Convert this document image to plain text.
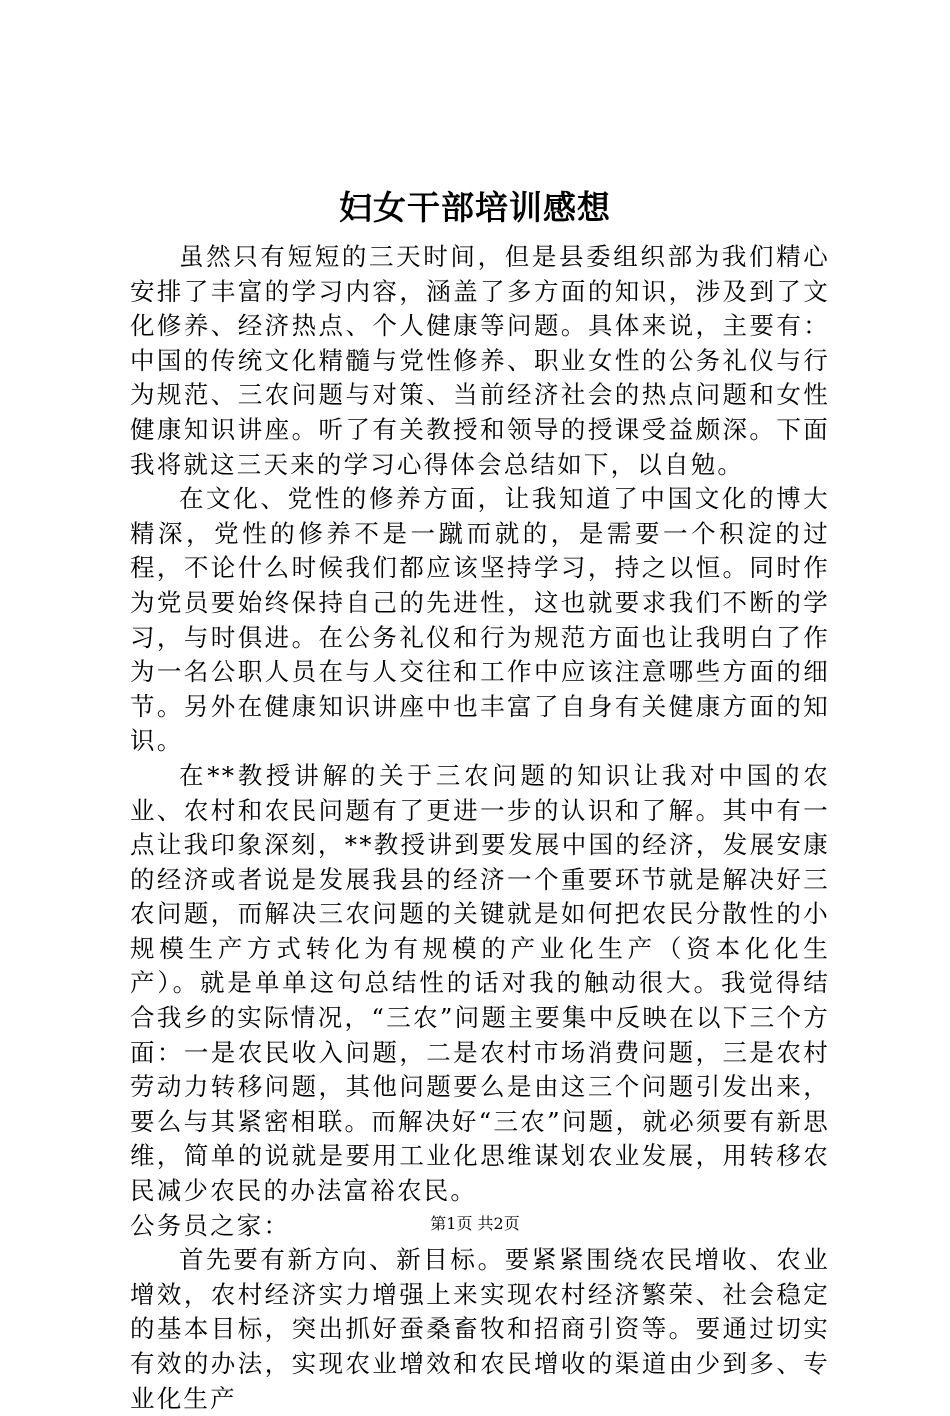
妇女干部培训感想

虽然只有短短的三天时间，但是县委组织部为我们精心安排了丰富的学习内容，涵盖了多方面的知识，涉及到了文化修养、经济热点、个人健康等问题。具体来说，主要有：中国的传统文化精髓与党性修养、职业女性的公务礼仪与行为规范、三农问题与对策、当前经济社会的热点问题和女性健康知识讲座。听了有关教授和领导的授课受益颇深。下面我将就这三天来的学习心得体会总结如下，以自勉。

在文化、党性的修养方面，让我知道了中国文化的博大精深，党性的修养不是一蹴而就的，是需要一个积淀的过程，不论什么时候我们都应该坚持学习，持之以恒。同时作为党员要始终保持自己的先进性，这也就要求我们不断的学习，与时俱进。在公务礼仪和行为规范方面也让我明白了作为一名公职人员在与人交往和工作中应该注意哪些方面的细节。另外在健康知识讲座中也丰富了自身有关健康方面的知识。

在**教授讲解的关于三农问题的知识让我对中国的农业、农村和农民问题有了更进一步的认识和了解。其中有一点让我印象深刻，**教授讲到要发展中国的经济，发展安康的经济或者说是发展我县的经济一个重要环节就是解决好三农问题，而解决三农问题的关键就是如何把农民分散性的小规模生产方式转化为有规模的产业化生产（资本化化生产）。就是单单这句总结性的话对我的触动很大。我觉得结合我乡的实际情况，“三农”问题主要集中反映在以下三个方面：一是农民收入问题，二是农村市场消费问题，三是农村劳动力转移问题，其他问题要么是由这三个问题引发出来，要么与其紧密相联。而解决好“三农”问题，就必须要有新思维，简单的说就是要用工业化思维谋划农业发展，用转移农民减少农民的办法富裕农民。

公务员之家：

首先要有新方向、新目标。要紧紧围绕农民增收、农业增效，农村经济实力增强上来实现农村经济繁荣、社会稳定的基本目标，突出抓好蚕桑畜牧和招商引资等。要通过切实有效的办法，实现农业增效和农民增收的渠道由少到多、专业化生产

第1页 共2页
